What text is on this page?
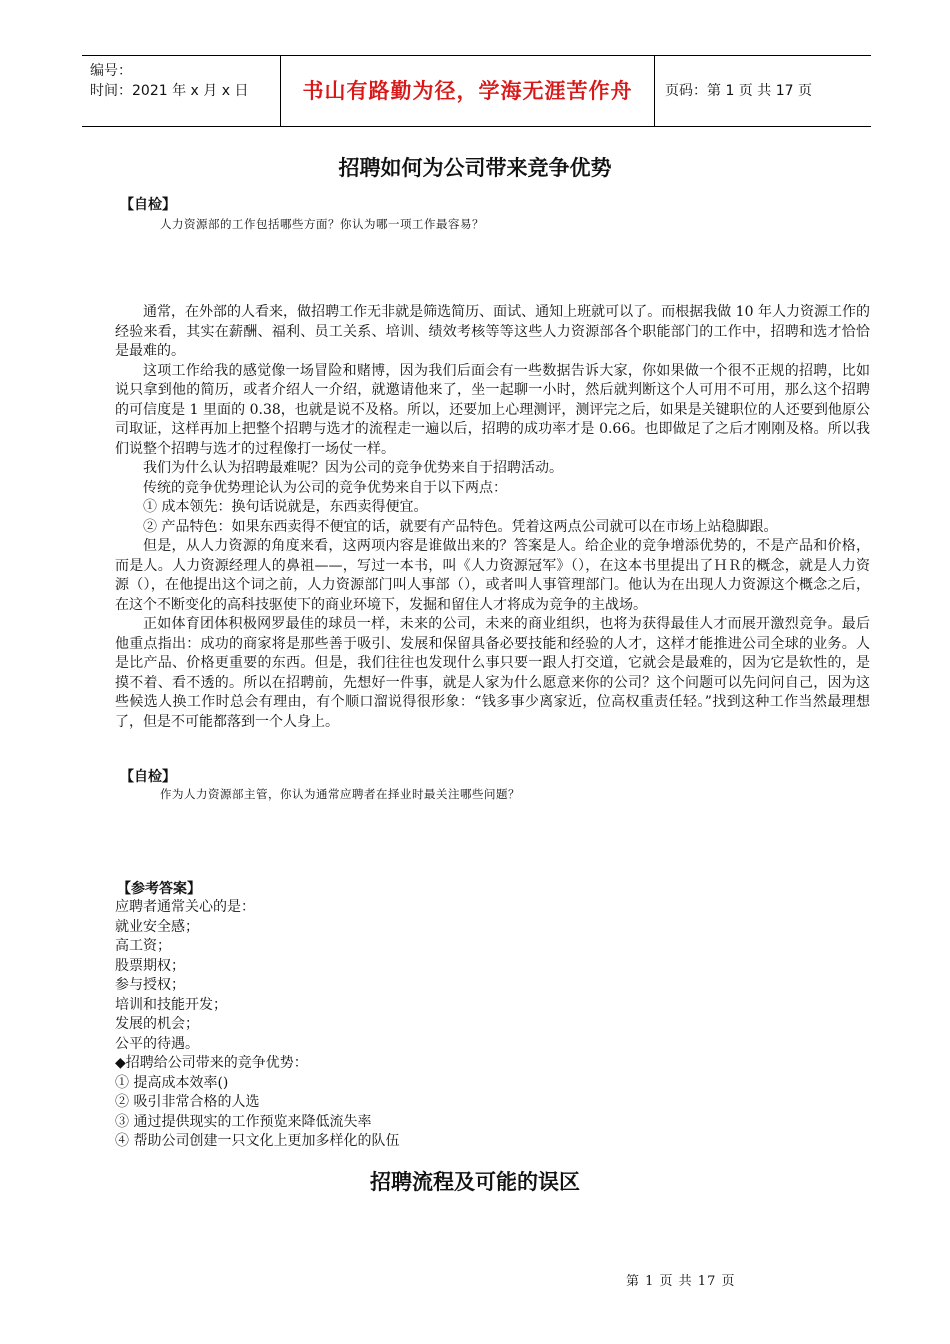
编号：
时间：2021 年 x 月 x 日	书山有路勤为径，学海无涯苦作舟	页码：第 1 页 共 17 页
招聘如何为公司带来竞争优势
【自检】
人力资源部的工作包括哪些方面？你认为哪一项工作最容易？

通常，在外部的人看来，做招聘工作无非就是筛选简历、面试、通知上班就可以了。而根据我做 10 年人力资源工作的经验来看，其实在薪酬、福利、员工关系、培训、绩效考核等等这些人力资源部各个职能部门的工作中，招聘和选才恰恰是最难的。

这项工作给我的感觉像一场冒险和赌博，因为我们后面会有一些数据告诉大家，你如果做一个很不正规的招聘，比如说只拿到他的简历，或者介绍人一介绍，就邀请他来了，坐一起聊一小时，然后就判断这个人可用不可用，那么这个招聘的可信度是 1 里面的 0.38，也就是说不及格。所以，还要加上心理测评，测评完之后，如果是关键职位的人还要到他原公司取证，这样再加上把整个招聘与选才的流程走一遍以后，招聘的成功率才是 0.66。也即做足了之后才刚刚及格。所以我们说整个招聘与选才的过程像打一场仗一样。

我们为什么认为招聘最难呢？因为公司的竞争优势来自于招聘活动。

传统的竞争优势理论认为公司的竞争优势来自于以下两点：

① 成本领先：换句话说就是，东西卖得便宜。

② 产品特色：如果东西卖得不便宜的话，就要有产品特色。凭着这两点公司就可以在市场上站稳脚跟。

但是，从人力资源的角度来看，这两项内容是谁做出来的？答案是人。给企业的竞争增添优势的，不是产品和价格，而是人。人力资源经理人的鼻祖——，写过一本书，叫《人力资源冠军》（），在这本书里提出了ＨＲ的概念，就是人力资源（），在他提出这个词之前，人力资源部门叫人事部（），或者叫人事管理部门。他认为在出现人力资源这个概念之后，在这个不断变化的高科技驱使下的商业环境下，发掘和留住人才将成为竞争的主战场。

正如体育团体积极网罗最佳的球员一样，未来的公司，未来的商业组织，也将为获得最佳人才而展开激烈竞争。最后他重点指出：成功的商家将是那些善于吸引、发展和保留具备必要技能和经验的人才，这样才能推进公司全球的业务。人是比产品、价格更重要的东西。但是，我们往往也发现什么事只要一跟人打交道，它就会是最难的，因为它是软性的，是摸不着、看不透的。所以在招聘前，先想好一件事，就是人家为什么愿意来你的公司？这个问题可以先问问自己，因为这些候选人换工作时总会有理由，有个顺口溜说得很形象：“钱多事少离家近，位高权重责任轻。”找到这种工作当然最理想了，但是不可能都落到一个人身上。

【自检】
作为人力资源部主管，你认为通常应聘者在择业时最关注哪些问题？
【参考答案】
应聘者通常关心的是：
就业安全感；
高工资；
股票期权；
参与授权；
培训和技能开发；
发展的机会；
公平的待遇。
◆招聘给公司带来的竞争优势：
① 提高成本效率()
② 吸引非常合格的人选
③ 通过提供现实的工作预览来降低流失率
④ 帮助公司创建一只文化上更加多样化的队伍
招聘流程及可能的误区
第 1 页 共 17 页
